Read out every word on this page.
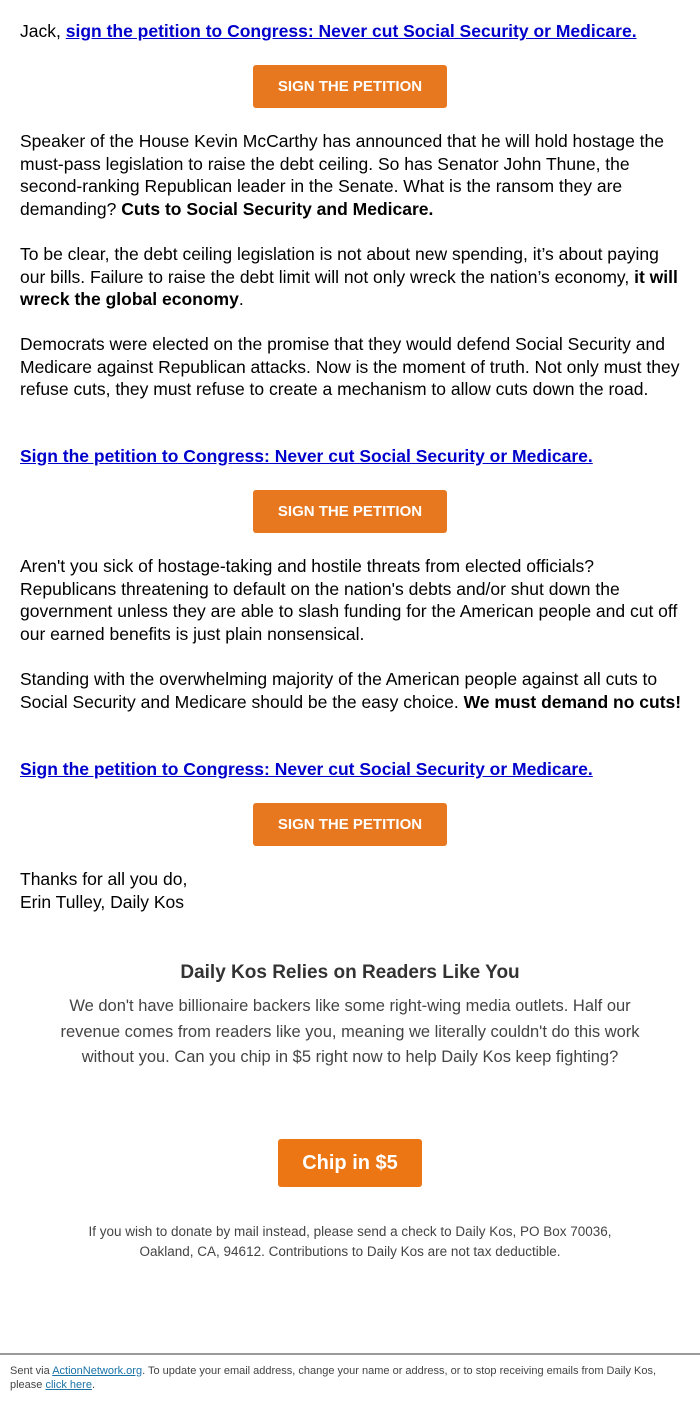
Jack, sign the petition to Congress: Never cut Social Security or Medicare.

SIGN THE PETITION

Speaker of the House Kevin McCarthy has announced that he will hold hostage the must-pass legislation to raise the debt ceiling. So has Senator John Thune, the second-ranking Republican leader in the Senate. What is the ransom they are demanding? Cuts to Social Security and Medicare.

To be clear, the debt ceiling legislation is not about new spending, it’s about paying our bills. Failure to raise the debt limit will not only wreck the nation’s economy, it will wreck the global economy.

Democrats were elected on the promise that they would defend Social Security and Medicare against Republican attacks. Now is the moment of truth. Not only must they refuse cuts, they must refuse to create a mechanism to allow cuts down the road.

Sign the petition to Congress: Never cut Social Security or Medicare.

SIGN THE PETITION

Aren't you sick of hostage-taking and hostile threats from elected officials? Republicans threatening to default on the nation's debts and/or shut down the government unless they are able to slash funding for the American people and cut off our earned benefits is just plain nonsensical.

Standing with the overwhelming majority of the American people against all cuts to Social Security and Medicare should be the easy choice. We must demand no cuts!

Sign the petition to Congress: Never cut Social Security or Medicare.

SIGN THE PETITION

Thanks for all you do,
Erin Tulley, Daily Kos

Daily Kos Relies on Readers Like You
We don't have billionaire backers like some right-wing media outlets. Half our revenue comes from readers like you, meaning we literally couldn't do this work without you. Can you chip in $5 right now to help Daily Kos keep fighting?
Chip in $5
If you wish to donate by mail instead, please send a check to Daily Kos, PO Box 70036, Oakland, CA, 94612. Contributions to Daily Kos are not tax deductible.
Sent via ActionNetwork.org. To update your email address, change your name or address, or to stop receiving emails from Daily Kos, please click here.
